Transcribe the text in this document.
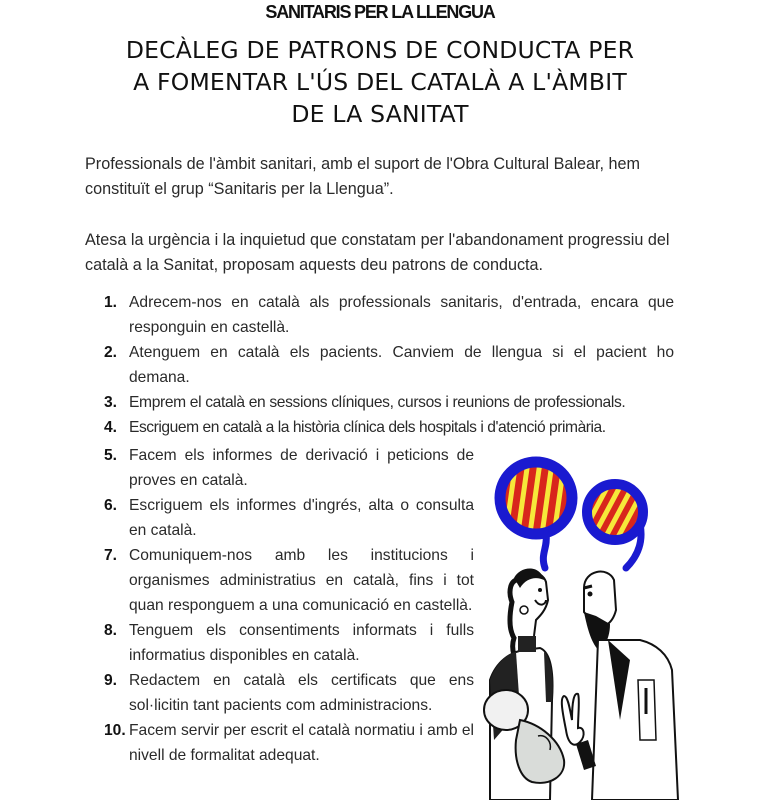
SANITARIS PER LA LLENGUA
DECÀLEG DE PATRONS DE CONDUCTA PER
A FOMENTAR L'ÚS DEL CATALÀ A L'ÀMBIT
DE LA SANITAT

Professionals de l'àmbit sanitari, amb el suport de l'Obra Cultural Balear, hem constituït el grup “Sanitaris per la Llengua”.

Atesa la urgència i la inquietud que constatam per l'abandonament progressiu del català a la Sanitat, proposam aquests deu patrons de conducta.

1. Adrecem-nos en català als professionals sanitaris, d'entrada, encara que responguin en castellà.
2. Atenguem en català els pacients. Canviem de llengua si el pacient ho demana.
3. Emprem el català en sessions clíniques, cursos i reunions de professionals.
4. Escriguem en català a la història clínica dels hospitals i d'atenció primària.
5. Facem els informes de derivació i peticions de proves en català.
6. Escriguem els informes d'ingrés, alta o consulta en català.
7. Comuniquem-nos amb les institucions i organismes administratius en català, fins i tot quan responguem a una comunicació en castellà.
8. Tenguem els consentiments informats i fulls informatius disponibles en català.
9. Redactem en català els certificats que ens sol·licitin tant pacients com administracions.
10. Facem servir per escrit el català normatiu i amb el nivell de formalitat adequat.
